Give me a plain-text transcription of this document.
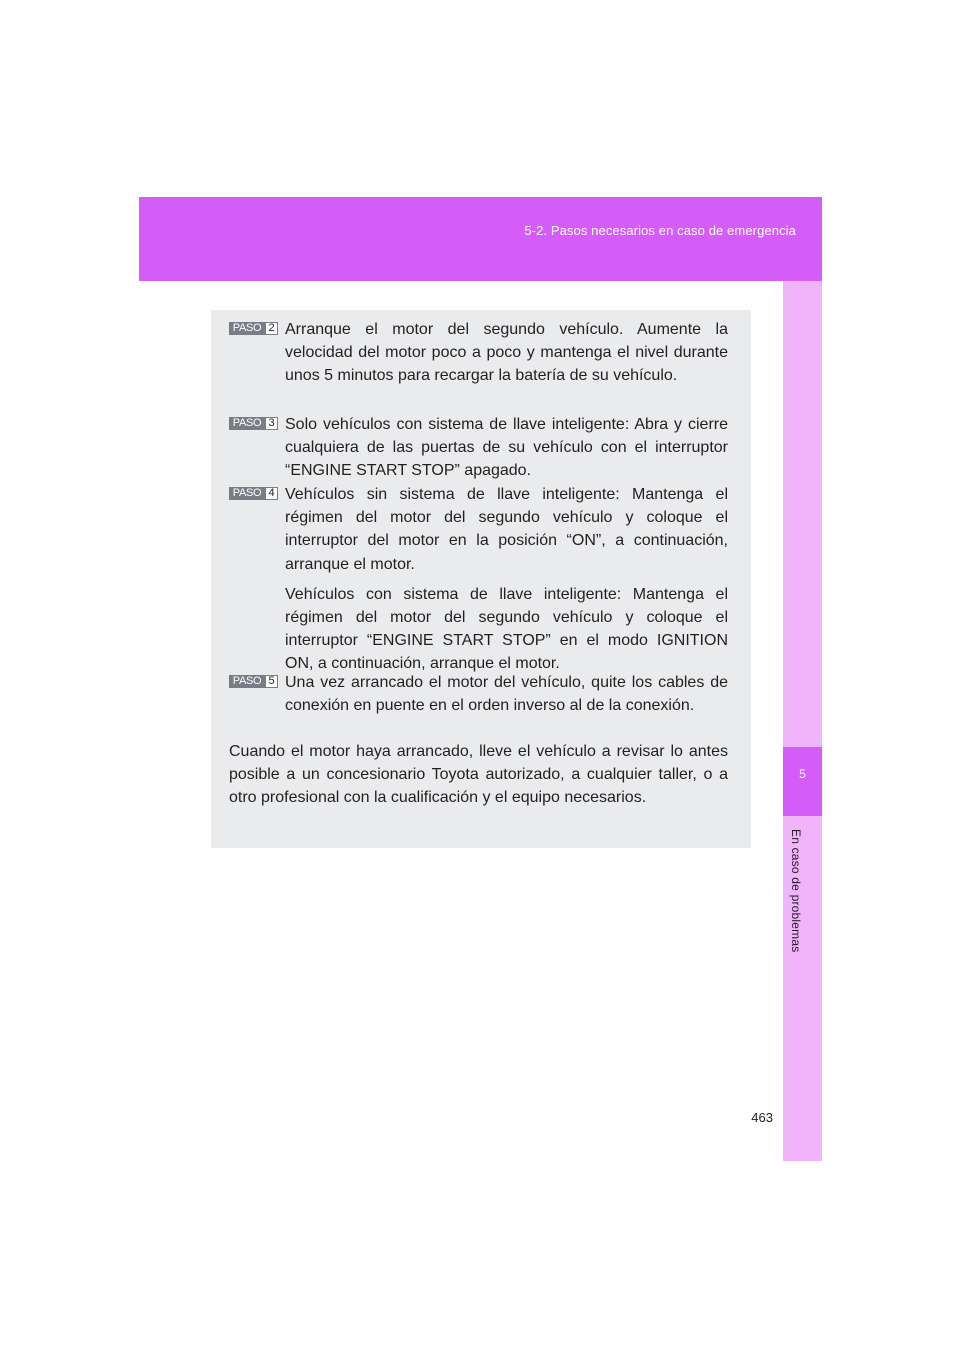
5-2. Pasos necesarios en caso de emergencia
5
En caso de problemas
PASO 2 Arranque el motor del segundo vehículo. Aumente la velocidad del motor poco a poco y mantenga el nivel durante unos 5 minutos para recargar la batería de su vehículo.
PASO 3 Solo vehículos con sistema de llave inteligente: Abra y cierre cualquiera de las puertas de su vehículo con el interruptor “ENGINE START STOP” apagado.
PASO 4 Vehículos sin sistema de llave inteligente: Mantenga el régimen del motor del segundo vehículo y coloque el interruptor del motor en la posición “ON”, a continuación, arranque el motor.
Vehículos con sistema de llave inteligente: Mantenga el régimen del motor del segundo vehículo y coloque el interruptor “ENGINE START STOP” en el modo IGNITION ON, a continuación, arranque el motor.
PASO 5 Una vez arrancado el motor del vehículo, quite los cables de conexión en puente en el orden inverso al de la conexión.
Cuando el motor haya arrancado, lleve el vehículo a revisar lo antes posible a un concesionario Toyota autorizado, a cualquier taller, o a otro profesional con la cualificación y el equipo necesarios.
463
